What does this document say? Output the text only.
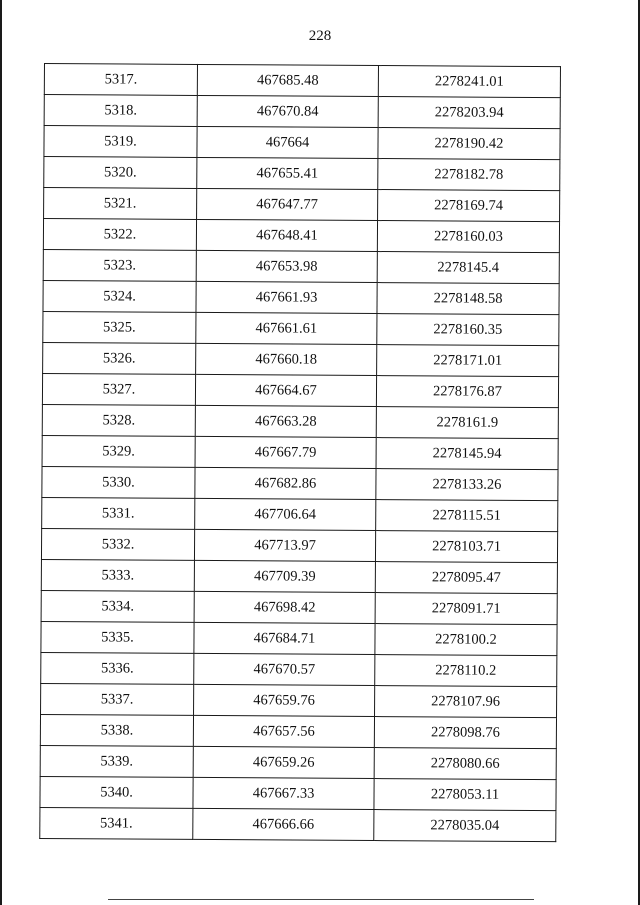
228
5317.	467685.48	2278241.01
5318.	467670.84	2278203.94
5319.	467664	2278190.42
5320.	467655.41	2278182.78
5321.	467647.77	2278169.74
5322.	467648.41	2278160.03
5323.	467653.98	2278145.4
5324.	467661.93	2278148.58
5325.	467661.61	2278160.35
5326.	467660.18	2278171.01
5327.	467664.67	2278176.87
5328.	467663.28	2278161.9
5329.	467667.79	2278145.94
5330.	467682.86	2278133.26
5331.	467706.64	2278115.51
5332.	467713.97	2278103.71
5333.	467709.39	2278095.47
5334.	467698.42	2278091.71
5335.	467684.71	2278100.2
5336.	467670.57	2278110.2
5337.	467659.76	2278107.96
5338.	467657.56	2278098.76
5339.	467659.26	2278080.66
5340.	467667.33	2278053.11
5341.	467666.66	2278035.04
